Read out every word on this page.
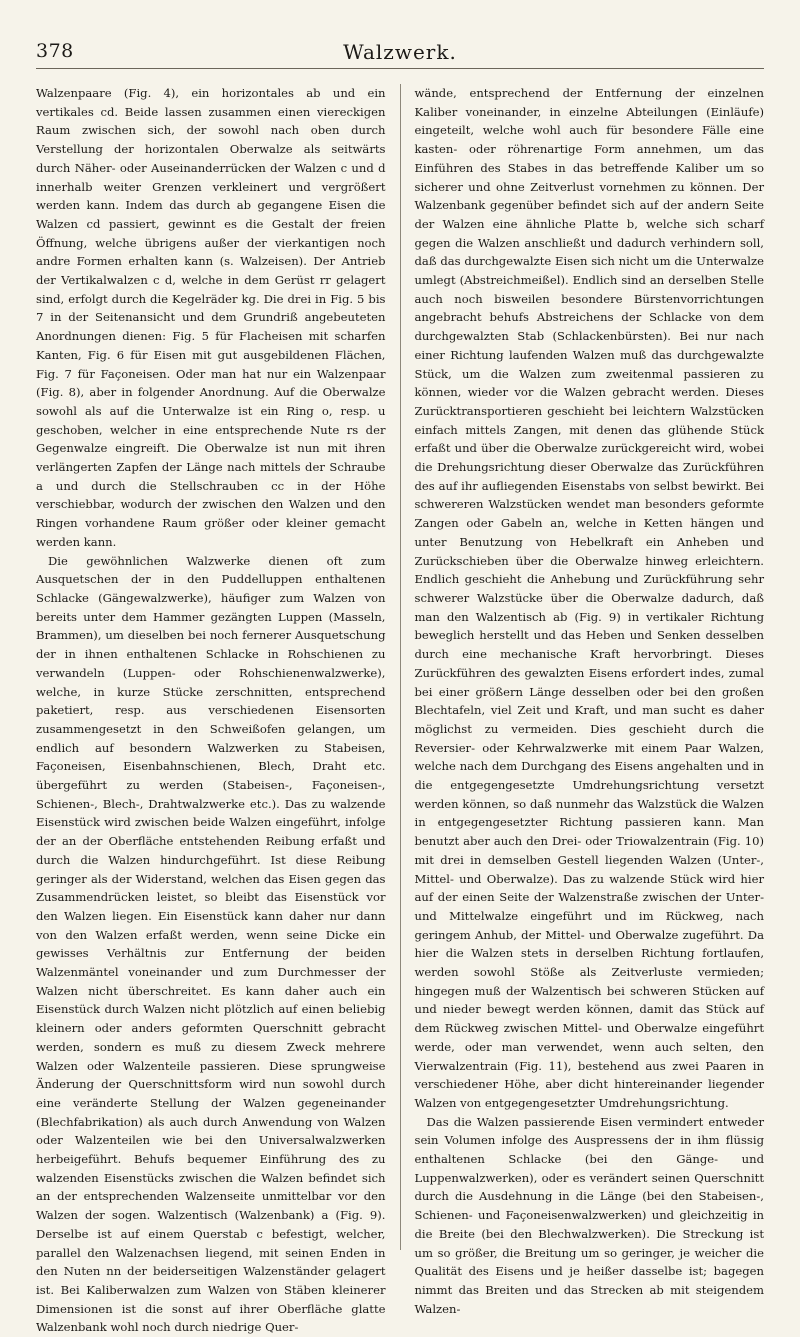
378	Walzwerk.

Walzenpaare (Fig. 4), ein horizontales ab und ein vertikales cd. Beide lassen zusammen einen viereckigen Raum zwischen sich, der sowohl nach oben durch Verstellung der horizontalen Oberwalze als seitwärts durch Näher- oder Auseinanderrücken der Walzen c und d innerhalb weiter Grenzen verkleinert und vergrößert werden kann. Indem das durch ab gegangene Eisen die Walzen cd passiert, gewinnt es die Gestalt der freien Öffnung, welche übrigens außer der vierkantigen noch andre Formen erhalten kann (s. Walzeisen). Der Antrieb der Vertikalwalzen c d, welche in dem Gerüst rr gelagert sind, erfolgt durch die Kegelräder kg. Die drei in Fig. 5 bis 7 in der Seitenansicht und dem Grundriß angebeuteten Anordnungen dienen: Fig. 5 für Flacheisen mit scharfen Kanten, Fig. 6 für Eisen mit gut ausgebildenen Flächen, Fig. 7 für Façoneisen. Oder man hat nur ein Walzenpaar (Fig. 8), aber in folgender Anordnung. Auf die Oberwalze sowohl als auf die Unterwalze ist ein Ring o, resp. u geschoben, welcher in eine entsprechende Nute rs der Gegenwalze eingreift. Die Oberwalze ist nun mit ihren verlängerten Zapfen der Länge nach mittels der Schraube a und durch die Stellschrauben cc in der Höhe verschiebbar, wodurch der zwischen den Walzen und den Ringen vorhandene Raum größer oder kleiner gemacht werden kann.

Die gewöhnlichen Walzwerke dienen oft zum Ausquetschen der in den Puddelluppen enthaltenen Schlacke (Gängewalzwerke), häufiger zum Walzen von bereits unter dem Hammer gezängten Luppen (Masseln, Brammen), um dieselben bei noch fernerer Ausquetschung der in ihnen enthaltenen Schlacke in Rohschienen zu verwandeln (Luppen- oder Rohschienenwalzwerke), welche, in kurze Stücke zerschnitten, entsprechend paketiert, resp. aus verschiedenen Eisensorten zusammengesetzt in den Schweißofen gelangen, um endlich auf besondern Walzwerken zu Stabeisen, Façoneisen, Eisenbahnschienen, Blech, Draht etc. übergeführt zu werden (Stabeisen-, Façoneisen-, Schienen-, Blech-, Drahtwalzwerke etc.). Das zu walzende Eisenstück wird zwischen beide Walzen eingeführt, infolge der an der Oberfläche entstehenden Reibung erfaßt und durch die Walzen hindurchgeführt. Ist diese Reibung geringer als der Widerstand, welchen das Eisen gegen das Zusammendrücken leistet, so bleibt das Eisenstück vor den Walzen liegen. Ein Eisenstück kann daher nur dann von den Walzen erfaßt werden, wenn seine Dicke ein gewisses Verhältnis zur Entfernung der beiden Walzenmäntel voneinander und zum Durchmesser der Walzen nicht überschreitet. Es kann daher auch ein Eisenstück durch Walzen nicht plötzlich auf einen beliebig kleinern oder anders geformten Querschnitt gebracht werden, sondern es muß zu diesem Zweck mehrere Walzen oder Walzenteile passieren. Diese sprungweise Änderung der Querschnittsform wird nun sowohl durch eine veränderte Stellung der Walzen gegeneinander (Blechfabrikation) als auch durch Anwendung von Walzen oder Walzenteilen wie bei den Universalwalzwerken herbeigeführt. Behufs bequemer Einführung des zu walzenden Eisenstücks zwischen die Walzen befindet sich an der entsprechenden Walzenseite unmittelbar vor den Walzen der sogen. Walzentisch (Walzenbank) a (Fig. 9). Derselbe ist auf einem Querstab c befestigt, welcher, parallel den Walzenachsen liegend, mit seinen Enden in den Nuten nn der beiderseitigen Walzenständer gelagert ist. Bei Kaliberwalzen zum Walzen von Stäben kleinerer Dimensionen ist die sonst auf ihrer Oberfläche glatte Walzenbank wohl noch durch niedrige Quer-

wände, entsprechend der Entfernung der einzelnen Kaliber voneinander, in einzelne Abteilungen (Einläufe) eingeteilt, welche wohl auch für besondere Fälle eine kasten- oder röhrenartige Form annehmen, um das Einführen des Stabes in das betreffende Kaliber um so sicherer und ohne Zeitverlust vornehmen zu können. Der Walzenbank gegenüber befindet sich auf der andern Seite der Walzen eine ähnliche Platte b, welche sich scharf gegen die Walzen anschließt und dadurch verhindern soll, daß das durchgewalzte Eisen sich nicht um die Unterwalze umlegt (Abstreichmeißel). Endlich sind an derselben Stelle auch noch bisweilen besondere Bürstenvorrichtungen angebracht behufs Abstreichens der Schlacke von dem durchgewalzten Stab (Schlackenbürsten). Bei nur nach einer Richtung laufenden Walzen muß das durchgewalzte Stück, um die Walzen zum zweitenmal passieren zu können, wieder vor die Walzen gebracht werden. Dieses Zurücktransportieren geschieht bei leichtern Walzstücken einfach mittels Zangen, mit denen das glühende Stück erfaßt und über die Oberwalze zurückgereicht wird, wobei die Drehungsrichtung dieser Oberwalze das Zurückführen des auf ihr aufliegenden Eisenstabs von selbst bewirkt. Bei schwereren Walzstücken wendet man besonders geformte Zangen oder Gabeln an, welche in Ketten hängen und unter Benutzung von Hebelkraft ein Anheben und Zurückschieben über die Oberwalze hinweg erleichtern. Endlich geschieht die Anhebung und Zurückführung sehr schwerer Walzstücke über die Oberwalze dadurch, daß man den Walzentisch ab (Fig. 9) in vertikaler Richtung beweglich herstellt und das Heben und Senken desselben durch eine mechanische Kraft hervorbringt. Dieses Zurückführen des gewalzten Eisens erfordert indes, zumal bei einer größern Länge desselben oder bei den großen Blechtafeln, viel Zeit und Kraft, und man sucht es daher möglichst zu vermeiden. Dies geschieht durch die Reversier- oder Kehrwalzwerke mit einem Paar Walzen, welche nach dem Durchgang des Eisens angehalten und in die entgegengesetzte Umdrehungsrichtung versetzt werden können, so daß nunmehr das Walzstück die Walzen in entgegengesetzter Richtung passieren kann. Man benutzt aber auch den Drei- oder Triowalzentrain (Fig. 10) mit drei in demselben Gestell liegenden Walzen (Unter-, Mittel- und Oberwalze). Das zu walzende Stück wird hier auf der einen Seite der Walzenstraße zwischen der Unter- und Mittelwalze eingeführt und im Rückweg, nach geringem Anhub, der Mittel- und Oberwalze zugeführt. Da hier die Walzen stets in derselben Richtung fortlaufen, werden sowohl Stöße als Zeitverluste vermieden; hingegen muß der Walzentisch bei schweren Stücken auf und nieder bewegt werden können, damit das Stück auf dem Rückweg zwischen Mittel- und Oberwalze eingeführt werde, oder man verwendet, wenn auch selten, den Vierwalzentrain (Fig. 11), bestehend aus zwei Paaren in verschiedener Höhe, aber dicht hintereinander liegender Walzen von entgegengesetzter Umdrehungsrichtung.

Das die Walzen passierende Eisen vermindert entweder sein Volumen infolge des Auspressens der in ihm flüssig enthaltenen Schlacke (bei den Gänge- und Luppenwalzwerken), oder es verändert seinen Querschnitt durch die Ausdehnung in die Länge (bei den Stabeisen-, Schienen- und Façoneisenwalzwerken) und gleichzeitig in die Breite (bei den Blechwalzwerken). Die Streckung ist um so größer, die Breitung um so geringer, je weicher die Qualität des Eisens und je heißer dasselbe ist; bagegen nimmt das Breiten und das Strecken ab mit steigendem Walzen-
